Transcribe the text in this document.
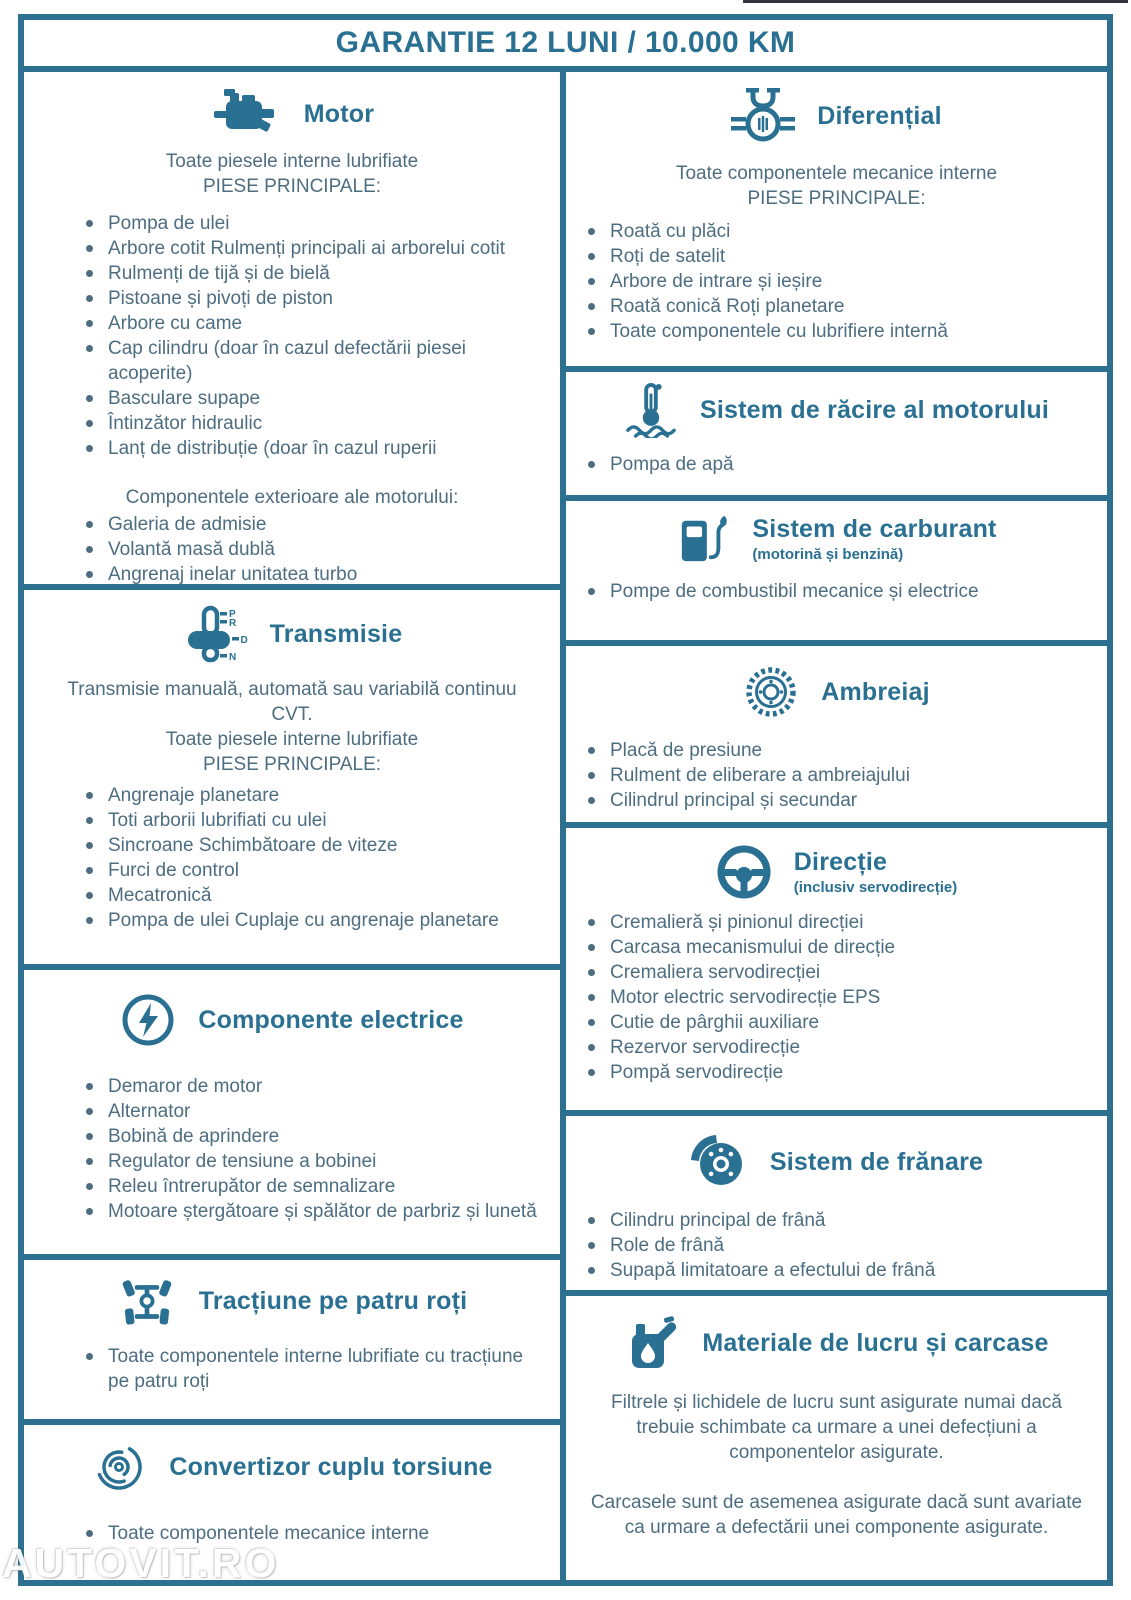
GARANTIE 12 LUNI / 10.000 KM
Motor
Toate piesele interne lubrifiate
PIESE PRINCIPALE:
Pompa de ulei
Arbore cotit Rulmenți principali ai arborelui cotit
Rulmenți de tijă și de bielă
Pistoane și pivoți de piston
Arbore cu came
Cap cilindru (doar în cazul defectării piesei acoperite)
Basculare supape
Întinzător hidraulic
Lanț de distribuție (doar în cazul ruperii
Componentele exterioare ale motorului:
Galeria de admisie
Volantă masă dublă
Angrenaj inelar unitatea turbo
P
R
D
N
Transmisie
Transmisie manuală, automată sau variabilă continuu
CVT.
Toate piesele interne lubrifiate
PIESE PRINCIPALE:
Angrenaje planetare
Toti arborii lubrifiati cu ulei
Sincroane Schimbătoare de viteze
Furci de control
Mecatronică
Pompa de ulei Cuplaje cu angrenaje planetare
Componente electrice
Demaror de motor
Alternator
Bobină de aprindere
Regulator de tensiune a bobinei
Releu întrerupător de semnalizare
Motoare ștergătoare și spălător de parbriz și lunetă
Tracțiune pe patru roți
Toate componentele interne lubrifiate cu tracțiune pe patru roți
Convertizor cuplu torsiune
Toate componentele mecanice interne
Diferențial
Toate componentele mecanice interne
PIESE PRINCIPALE:
Roată cu plăci
Roți de satelit
Arbore de intrare și ieșire
Roată conică Roți planetare
Toate componentele cu lubrifiere internă
Sistem de răcire al motorului
Pompa de apă
Sistem de carburant
(motorină și benzină)
Pompe de combustibil mecanice și electrice
Ambreiaj
Placă de presiune
Rulment de eliberare a ambreiajului
Cilindrul principal și secundar
Direcție
(inclusiv servodirecție)
Cremalieră și pinionul direcției
Carcasa mecanismului de direcție
Cremaliera servodirecției
Motor electric servodirecție EPS
Cutie de pârghii auxiliare
Rezervor servodirecție
Pompă servodirecție
Sistem de frănare
Cilindru principal de frână
Role de frână
Supapă limitatoare a efectului de frână
Materiale de lucru și carcase

Filtrele și lichidele de lucru sunt asigurate numai dacă trebuie schimbate ca urmare a unei defecțiuni a componentelor asigurate.

Carcasele sunt de asemenea asigurate dacă sunt avariate ca urmare a defectării unei componente asigurate.

AUTOVIT.RO
